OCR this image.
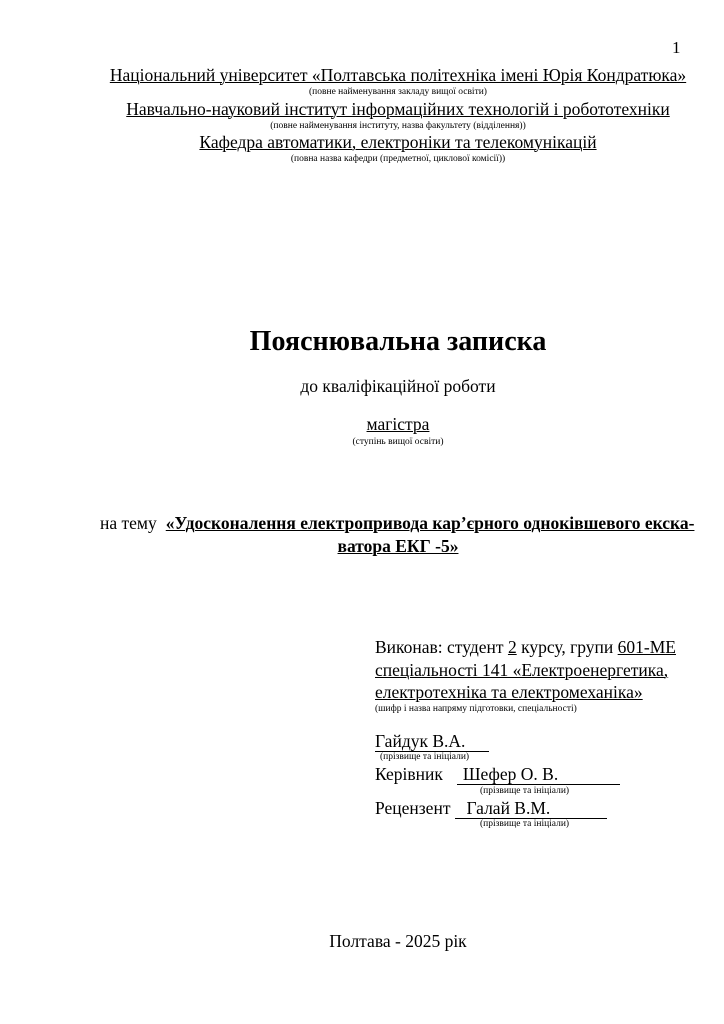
1
Національний університет «Полтавська політехніка імені Юрія Кондратюка»
(повне найменування закладу вищої освіти)
Навчально-науковий інститут інформаційних технологій і робототехніки
(повне найменування інституту, назва факультету (відділення))
Кафедра автоматики, електроніки та телекомунікацій
(повна назва кафедри (предметної, циклової комісії))
Пояснювальна записка
до кваліфікаційної роботи
магістра
(ступінь вищої освіти)
на тему «Удосконалення електропривода кар’єрного одноківшевого екска-
ватора ЕКГ -5»
Виконав: студент 2 курсу, групи 601-МЕ
спеціальності 141 «Електроенергетика,
електротехніка та електромеханіка»
(шифр і назва напряму підготовки, спеціальності)
Гайдук В.А.
(прізвище та ініціали)
Керівник Шефер О. В.
(прізвище та ініціали)
Рецензент Галай В.М.
(прізвище та ініціали)
Полтава - 2025 рік
